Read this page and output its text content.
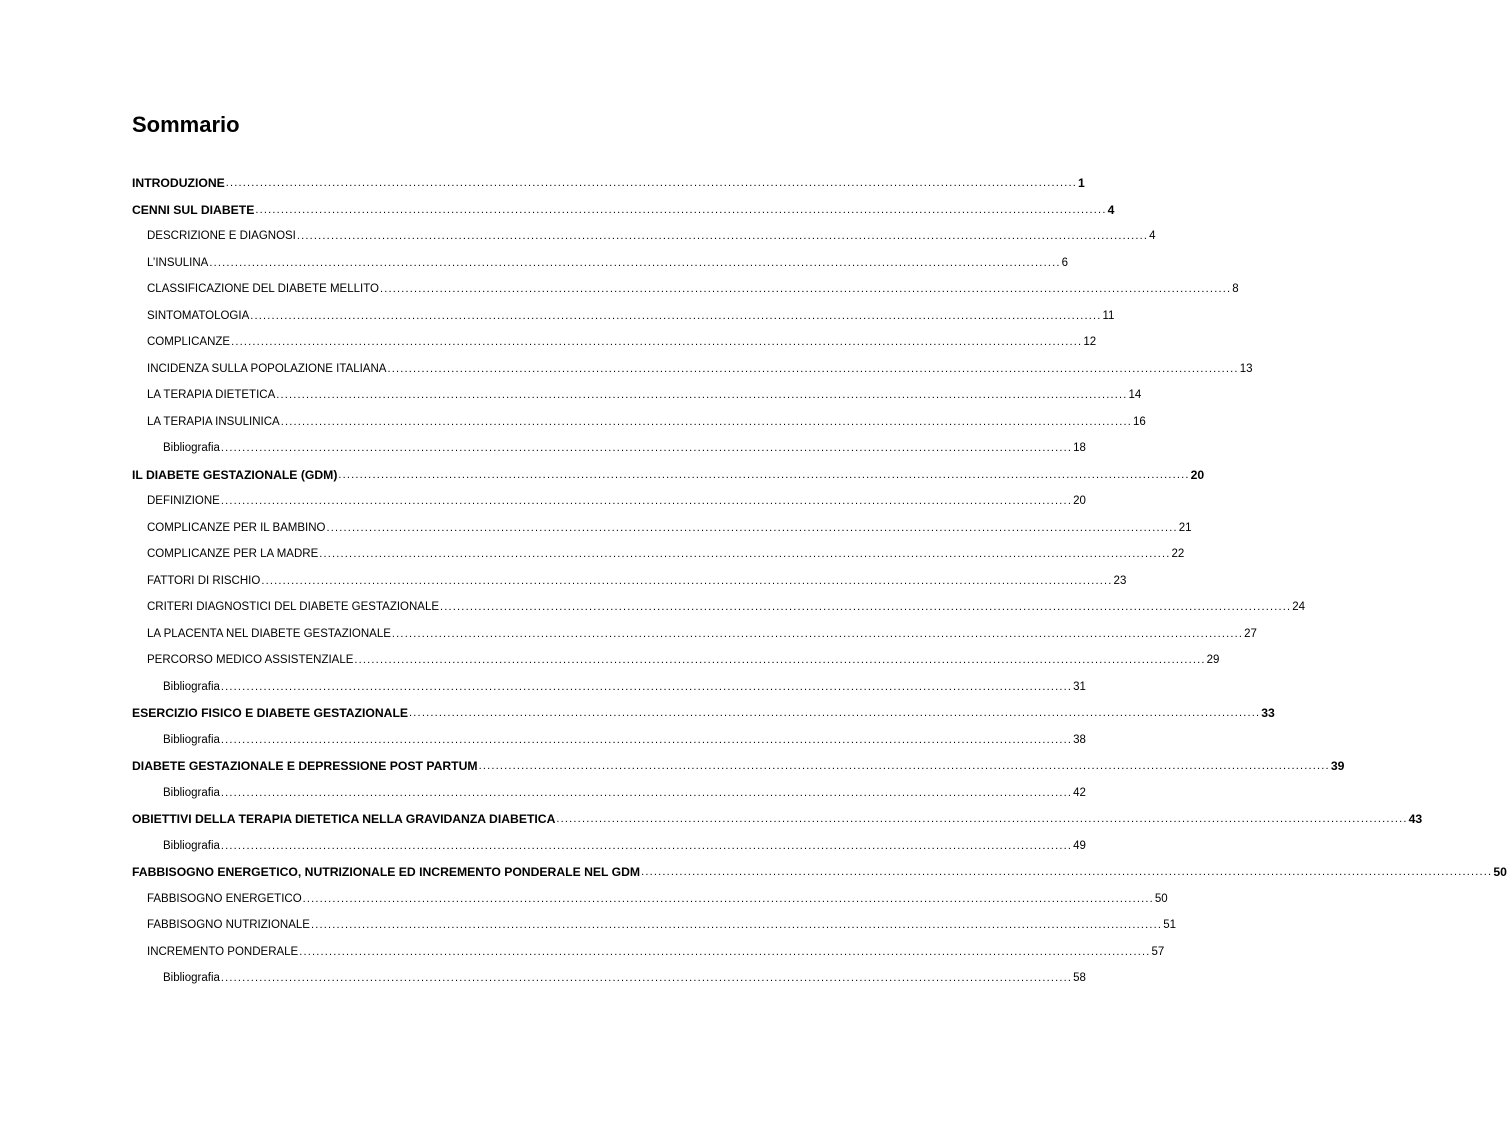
Sommario
INTRODUZIONE ........................................................................................................................................................................................................ 1
CENNI SUL DIABETE ........................................................................................................................................................................................................ 4
DESCRIZIONE E DIAGNOSI ........................................................................................................................................................................................................ 4
L’INSULINA ........................................................................................................................................................................................................ 6
CLASSIFICAZIONE DEL DIABETE MELLITO ........................................................................................................................................................................................................ 8
SINTOMATOLOGIA ........................................................................................................................................................................................................ 11
COMPLICANZE ........................................................................................................................................................................................................ 12
INCIDENZA SULLA POPOLAZIONE ITALIANA ........................................................................................................................................................................................................ 13
LA TERAPIA DIETETICA ........................................................................................................................................................................................................ 14
LA TERAPIA INSULINICA ........................................................................................................................................................................................................ 16
Bibliografia ........................................................................................................................................................................................................ 18
IL DIABETE GESTAZIONALE (GDM) ........................................................................................................................................................................................................ 20
DEFINIZIONE ........................................................................................................................................................................................................ 20
COMPLICANZE PER IL BAMBINO ........................................................................................................................................................................................................ 21
COMPLICANZE PER LA MADRE ........................................................................................................................................................................................................ 22
FATTORI DI RISCHIO ........................................................................................................................................................................................................ 23
CRITERI DIAGNOSTICI DEL DIABETE GESTAZIONALE ........................................................................................................................................................................................................ 24
LA PLACENTA NEL DIABETE GESTAZIONALE ........................................................................................................................................................................................................ 27
PERCORSO MEDICO ASSISTENZIALE ........................................................................................................................................................................................................ 29
Bibliografia ........................................................................................................................................................................................................ 31
ESERCIZIO FISICO E DIABETE GESTAZIONALE ........................................................................................................................................................................................................ 33
Bibliografia ........................................................................................................................................................................................................ 38
DIABETE GESTAZIONALE E DEPRESSIONE POST PARTUM ........................................................................................................................................................................................................ 39
Bibliografia ........................................................................................................................................................................................................ 42
OBIETTIVI DELLA TERAPIA DIETETICA NELLA GRAVIDANZA DIABETICA ........................................................................................................................................................................................................ 43
Bibliografia ........................................................................................................................................................................................................ 49
FABBISOGNO ENERGETICO, NUTRIZIONALE ED INCREMENTO PONDERALE NEL GDM ........................................................................................................................................................................................................ 50
FABBISOGNO ENERGETICO ........................................................................................................................................................................................................ 50
FABBISOGNO NUTRIZIONALE ........................................................................................................................................................................................................ 51
INCREMENTO PONDERALE ........................................................................................................................................................................................................ 57
Bibliografia ........................................................................................................................................................................................................ 58
